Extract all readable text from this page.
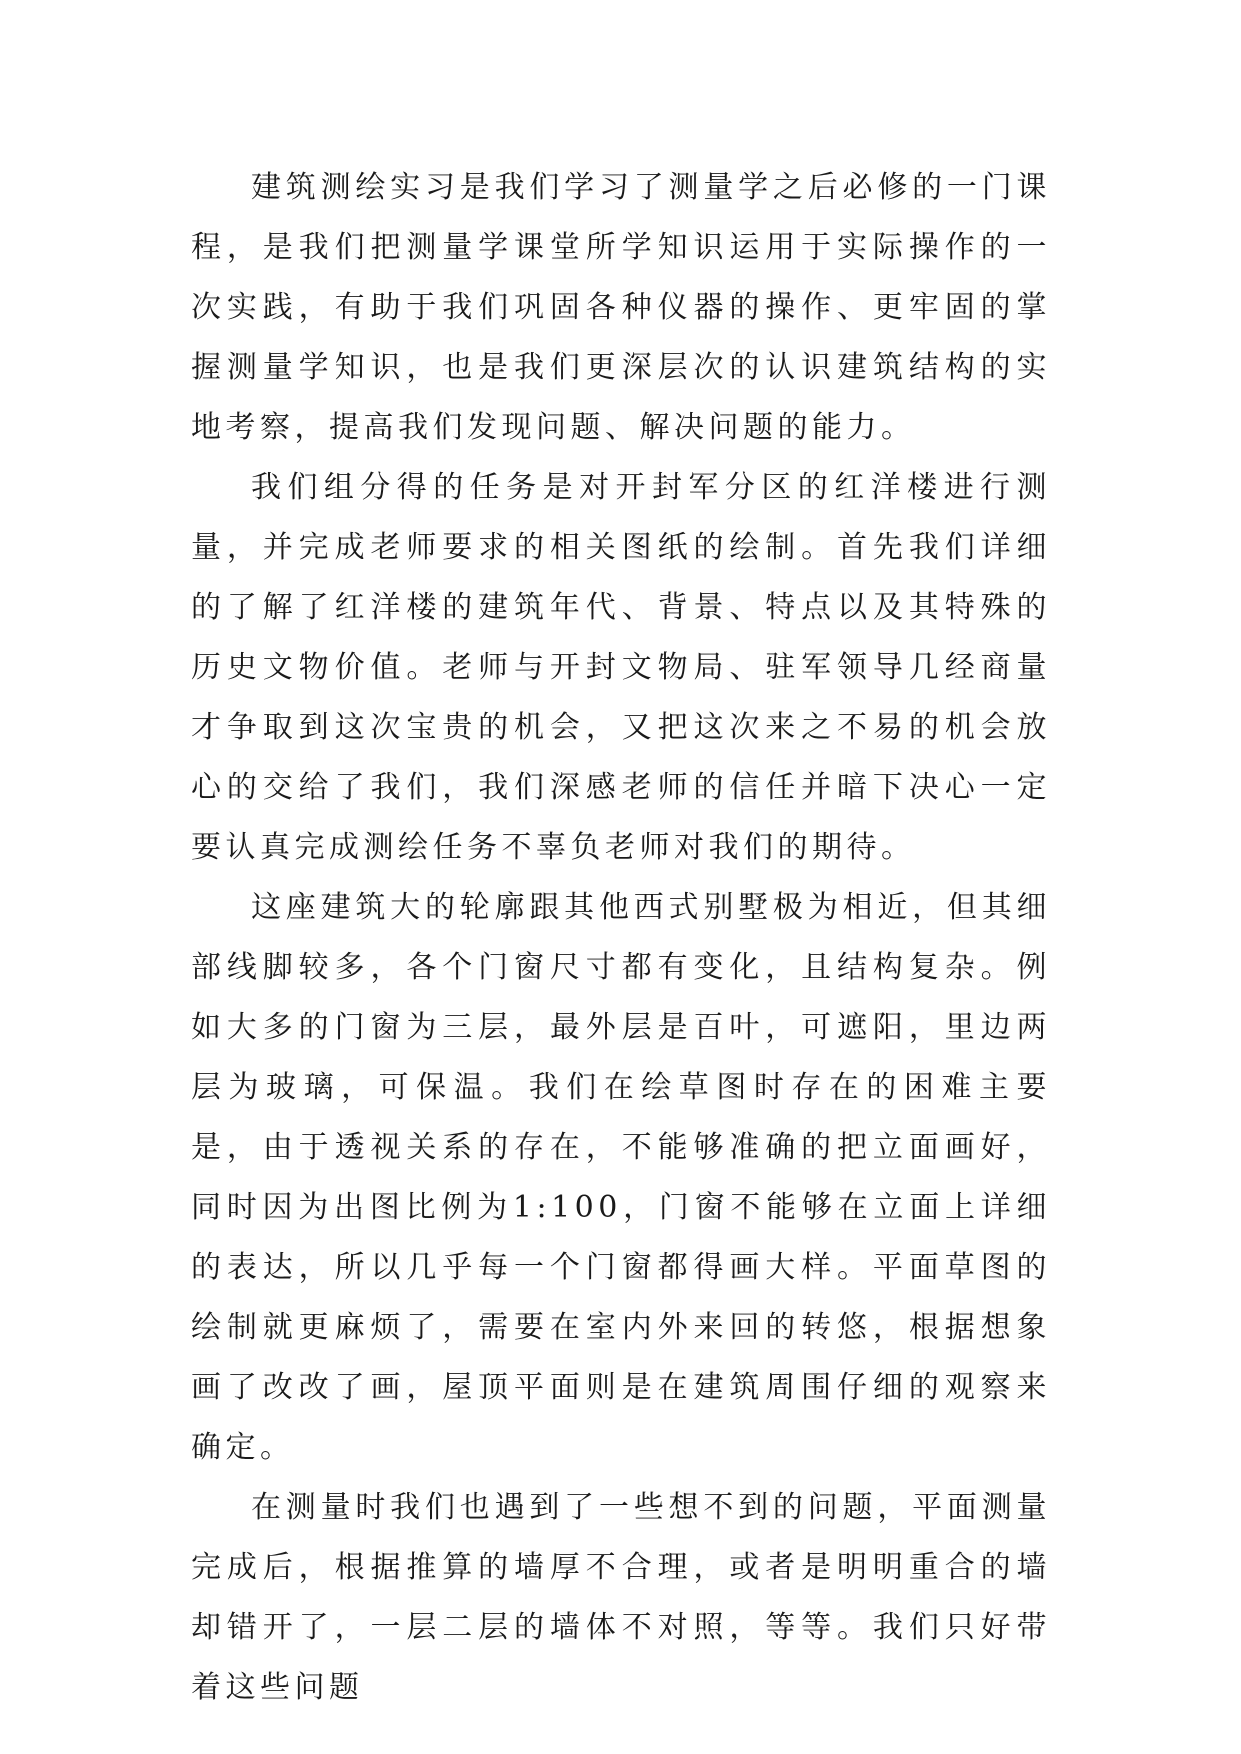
建筑测绘实习是我们学习了测量学之后必修的一门课程，是我们把测量学课堂所学知识运用于实际操作的一次实践，有助于我们巩固各种仪器的操作、更牢固的掌握测量学知识，也是我们更深层次的认识建筑结构的实地考察，提高我们发现问题、解决问题的能力。

我们组分得的任务是对开封军分区的红洋楼进行测量，并完成老师要求的相关图纸的绘制。首先我们详细的了解了红洋楼的建筑年代、背景、特点以及其特殊的历史文物价值。老师与开封文物局、驻军领导几经商量才争取到这次宝贵的机会，又把这次来之不易的机会放心的交给了我们，我们深感老师的信任并暗下决心一定要认真完成测绘任务不辜负老师对我们的期待。

这座建筑大的轮廓跟其他西式别墅极为相近，但其细部线脚较多，各个门窗尺寸都有变化，且结构复杂。例如大多的门窗为三层，最外层是百叶，可遮阳，里边两层为玻璃，可保温。我们在绘草图时存在的困难主要是，由于透视关系的存在，不能够准确的把立面画好，同时因为出图比例为1:100，门窗不能够在立面上详细的表达，所以几乎每一个门窗都得画大样。平面草图的绘制就更麻烦了，需要在室内外来回的转悠，根据想象画了改改了画，屋顶平面则是在建筑周围仔细的观察来确定。

在测量时我们也遇到了一些想不到的问题，平面测量完成后，根据推算的墙厚不合理，或者是明明重合的墙却错开了，一层二层的墙体不对照，等等。我们只好带着这些问题
